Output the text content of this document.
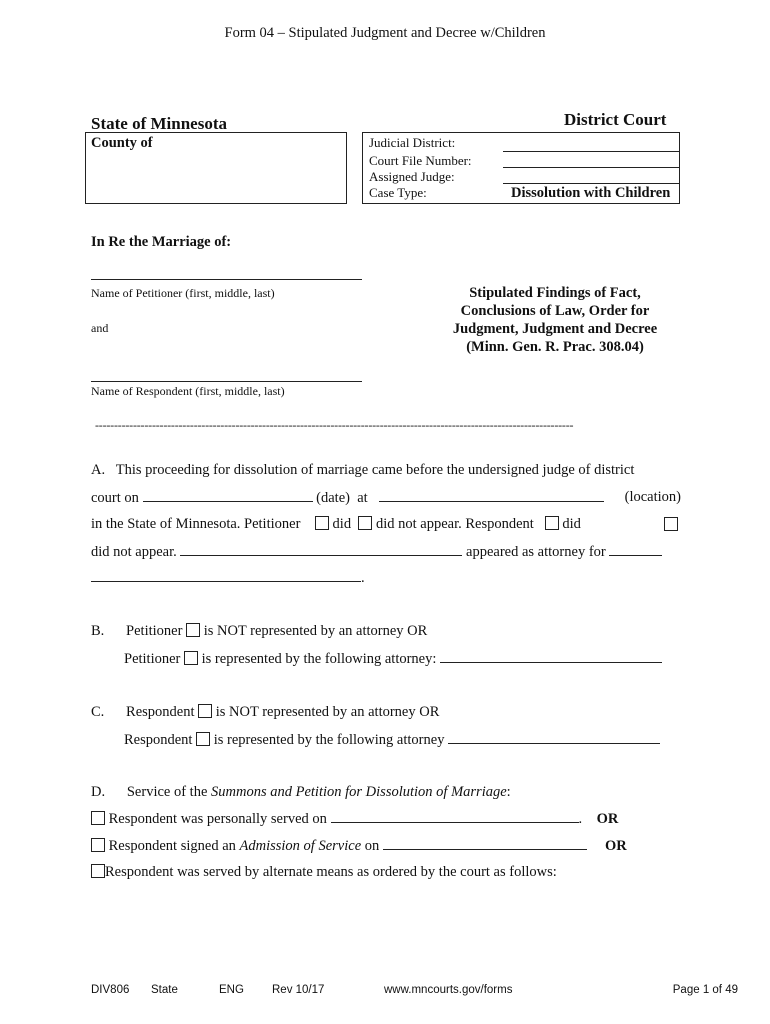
Form 04 – Stipulated Judgment and Decree w/Children
State of Minnesota	District Court
County of	Judicial District:
Court File Number:
Assigned Judge:
Case Type:	Dissolution with Children
In Re the Marriage of:
Name of Petitioner (first, middle, last)
and
Name of Respondent (first, middle, last)
Stipulated Findings of Fact,
Conclusions of Law, Order for
Judgment, Judgment and Decree
(Minn. Gen. R. Prac. 308.04)
------------------------------------------------------------------------------------------------------------------------------
A. This proceeding for dissolution of marriage came before the undersigned judge of district
court on	(date) at	(location)
in the State of Minnesota. Petitioner did did not appear. Respondent did
did not appear.	appeared as attorney for
.
B. Petitioner is NOT represented by an attorney OR
Petitioner is represented by the following attorney:
C. Respondent is NOT represented by an attorney OR
Respondent is represented by the following attorney
D. Service of the Summons and Petition for Dissolution of Marriage:
Respondent was personally served on	. OR
Respondent signed an Admission of Service on	OR
Respondent was served by alternate means as ordered by the court as follows:
DIV806 State	ENG Rev 10/17	www.mncourts.gov/forms	Page 1 of 49
